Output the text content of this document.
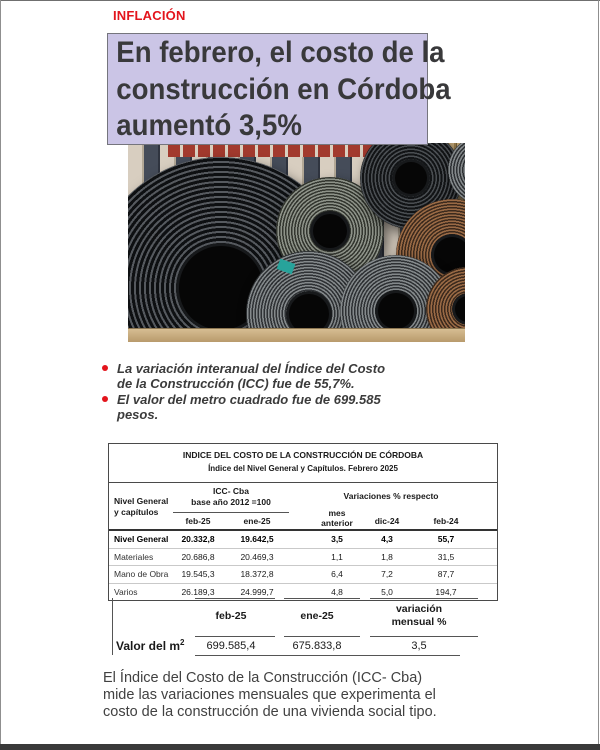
INFLACIÓN
En febrero, el costo de la
construcción en Córdoba
aumentó 3,5%
La variación interanual del Índice del Costo
de la Construcción (ICC) fue de 55,7%.
El valor del metro cuadrado fue de 699.585
pesos.
INDICE DEL COSTO DE LA CONSTRUCCIÓN DE CÓRDOBA
Índice del Nivel General y Capítulos. Febrero 2025
Nivel General
y capítulos
ICC- Cba
base año 2012 =100
Variaciones % respecto
feb-25	ene-25
mes
anterior	dic-24	feb-24
Nivel General 20.332,8	19.642,5	3,5	4,3	55,7
Materiales	20.686,8	20.469,3	1,1	1,8	31,5
Mano de Obra 19.545,3	18.372,8	6,4	7,2	87,7
Varios	26.189,3	24.999,7	4,8	5,0	194,7
feb-25	ene-25
variación
mensual %
Valor del $m^2$ 699.585,4	675.833,8	3,5
El Índice del Costo de la Construcción (ICC- Cba)
mide las variaciones mensuales que experimenta el
costo de la construcción de una vivienda social tipo.
